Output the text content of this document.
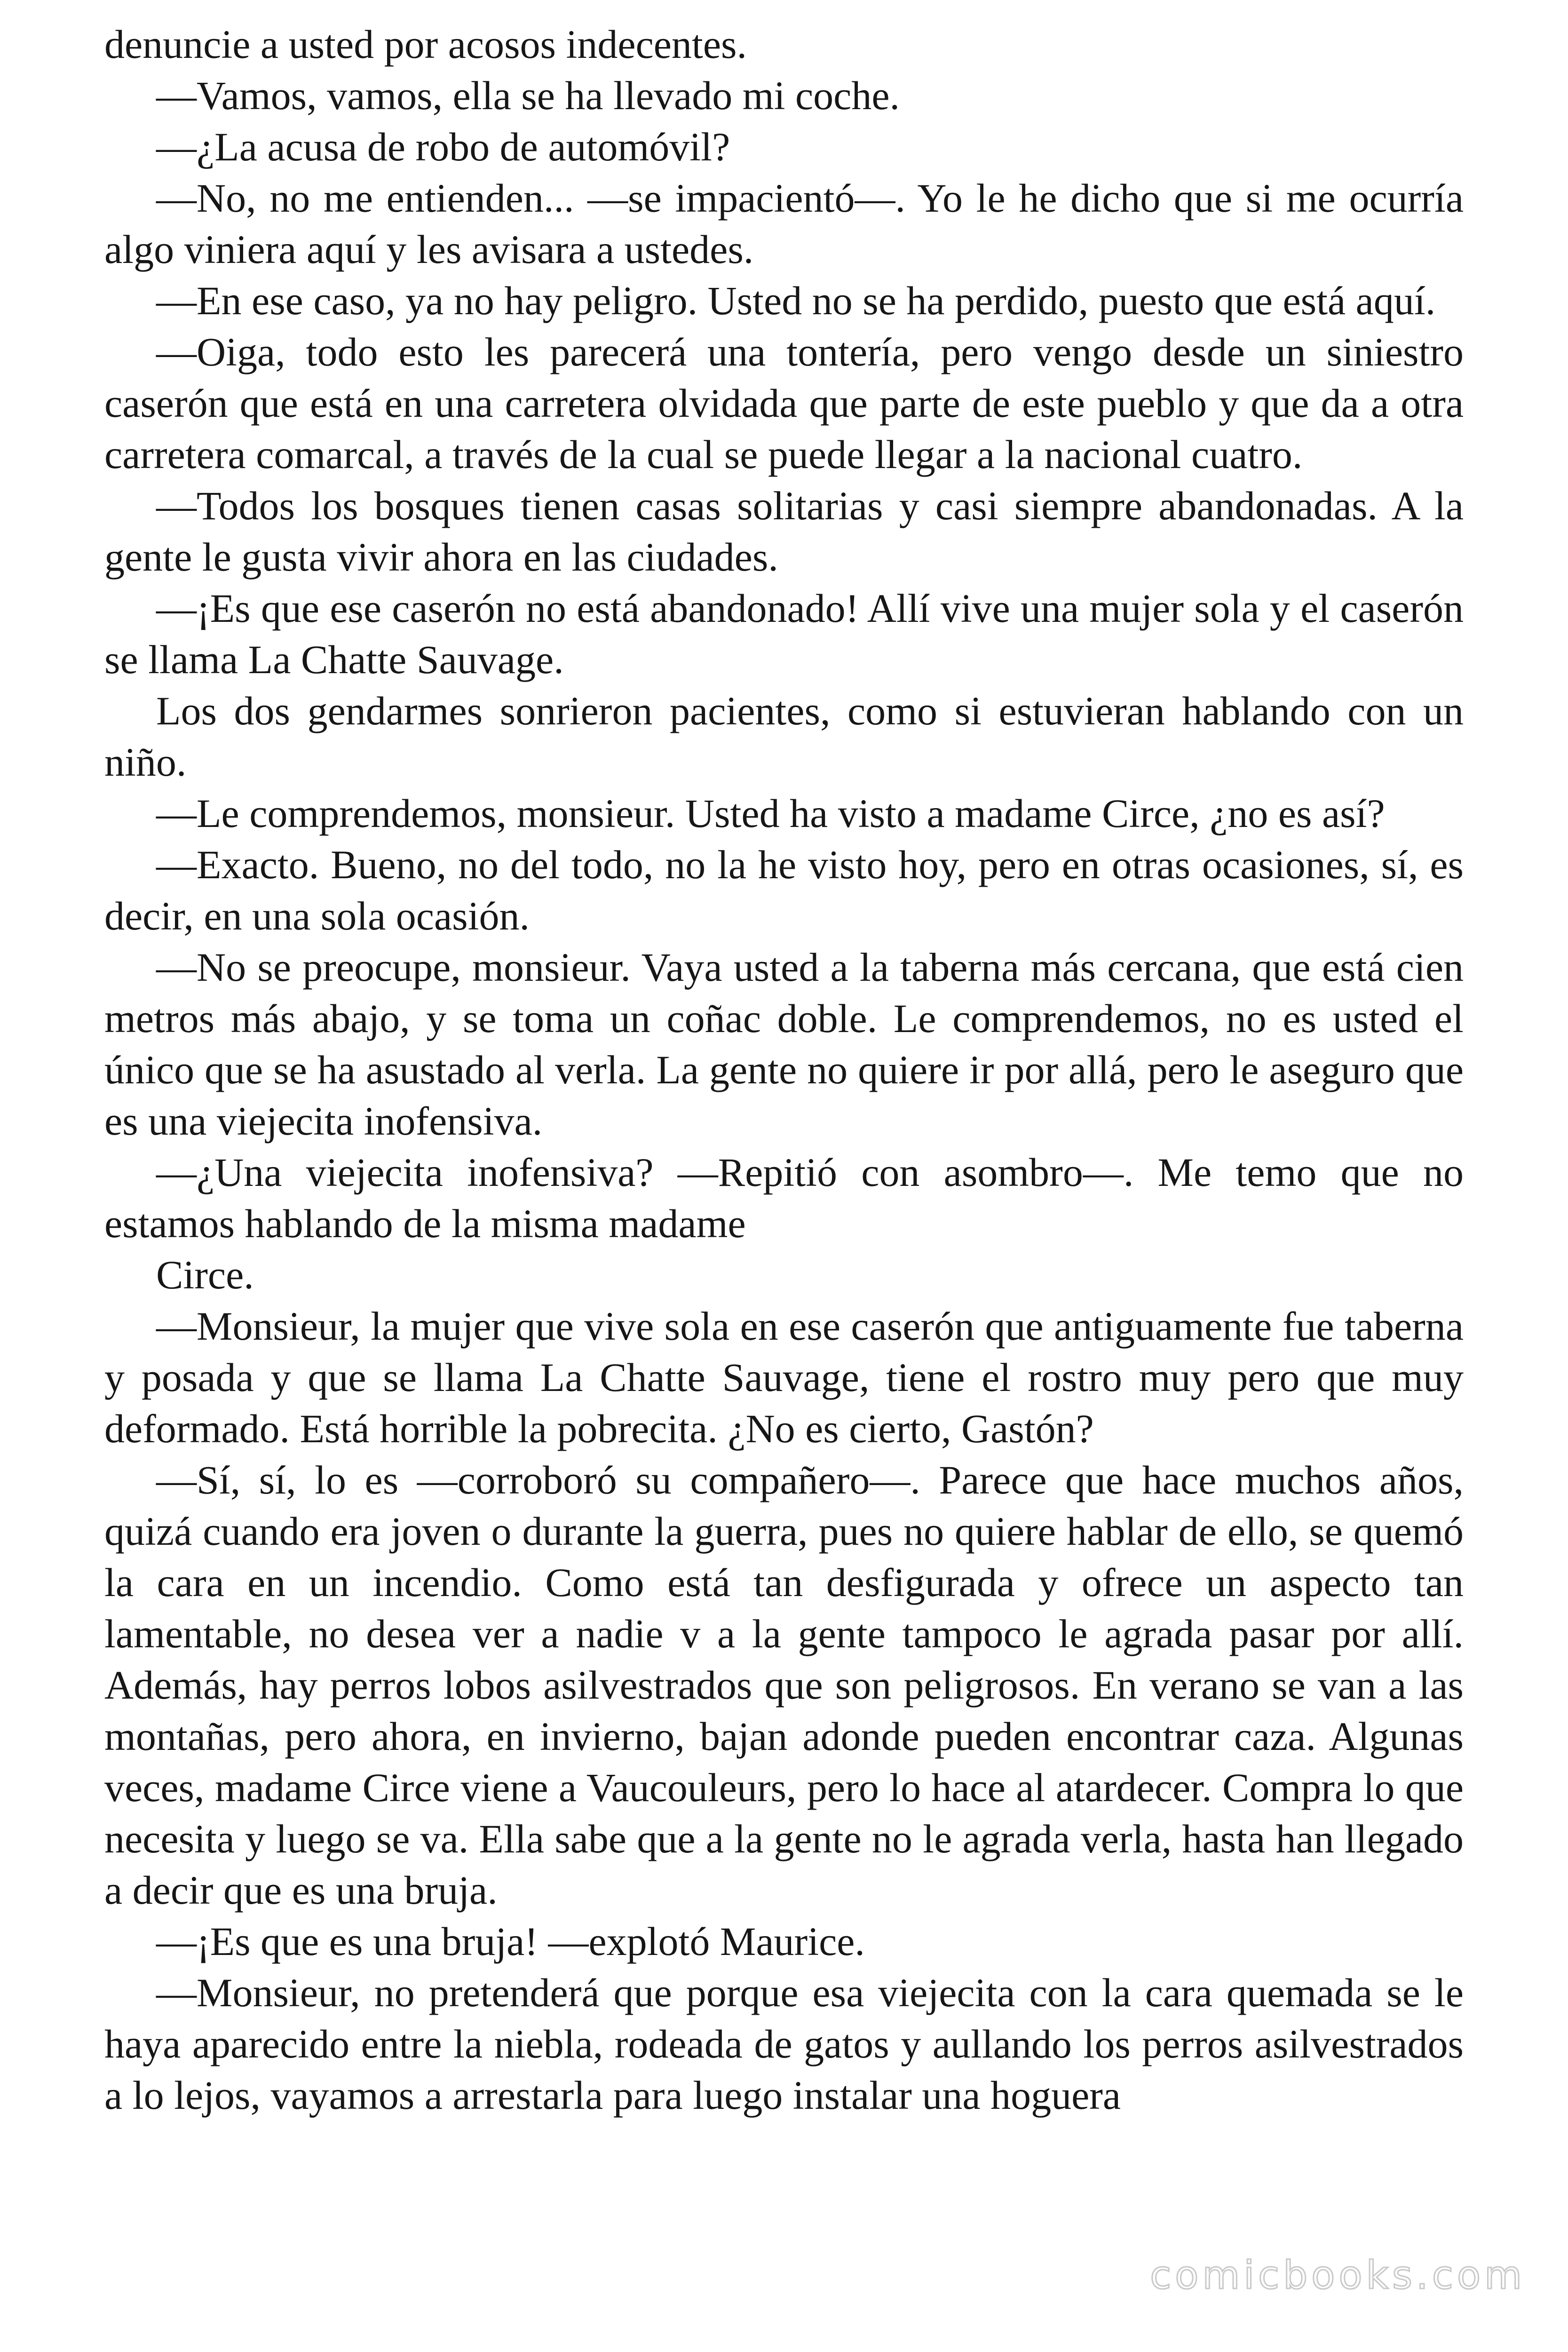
denuncie a usted por acosos indecentes.

—Vamos, vamos, ella se ha llevado mi coche.

—¿La acusa de robo de automóvil?

—No, no me entienden... —se impacientó—. Yo le he dicho que si me ocurría algo viniera aquí y les avisara a ustedes.

—En ese caso, ya no hay peligro. Usted no se ha perdido, puesto que está aquí.

—Oiga, todo esto les parecerá una tontería, pero vengo desde un siniestro caserón que está en una carretera olvidada que parte de este pueblo y que da a otra carretera comarcal, a través de la cual se puede llegar a la nacional cuatro.

—Todos los bosques tienen casas solitarias y casi siempre abandonadas. A la gente le gusta vivir ahora en las ciudades.

—¡Es que ese caserón no está abandonado! Allí vive una mujer sola y el caserón se llama La Chatte Sauvage.

Los dos gendarmes sonrieron pacientes, como si estuvieran hablando con un niño.

—Le comprendemos, monsieur. Usted ha visto a madame Circe, ¿no es así?

—Exacto. Bueno, no del todo, no la he visto hoy, pero en otras ocasiones, sí, es decir, en una sola ocasión.

—No se preocupe, monsieur. Vaya usted a la taberna más cercana, que está cien metros más abajo, y se toma un coñac doble. Le comprendemos, no es usted el único que se ha asustado al verla. La gente no quiere ir por allá, pero le aseguro que es una viejecita inofensiva.

—¿Una viejecita inofensiva? —Repitió con asombro—. Me temo que no estamos hablando de la misma madame

Circe.

—Monsieur, la mujer que vive sola en ese caserón que antiguamente fue taberna y posada y que se llama La Chatte Sauvage, tiene el rostro muy pero que muy deformado. Está horrible la pobrecita. ¿No es cierto, Gastón?

—Sí, sí, lo es —corroboró su compañero—. Parece que hace muchos años, quizá cuando era joven o durante la guerra, pues no quiere hablar de ello, se quemó la cara en un incendio. Como está tan desfigurada y ofrece un aspecto tan lamentable, no desea ver a nadie v a la gente tampoco le agrada pasar por allí. Además, hay perros lobos asilvestrados que son peligrosos. En verano se van a las montañas, pero ahora, en invierno, bajan adonde pueden encontrar caza. Algunas veces, madame Circe viene a Vaucouleurs, pero lo hace al atardecer. Compra lo que necesita y luego se va. Ella sabe que a la gente no le agrada verla, hasta han llegado a decir que es una bruja.

—¡Es que es una bruja! —explotó Maurice.

—Monsieur, no pretenderá que porque esa viejecita con la cara quemada se le haya aparecido entre la niebla, rodeada de gatos y aullando los perros asilvestrados a lo lejos, vayamos a arrestarla para luego instalar una hoguera

comicbooks.com
